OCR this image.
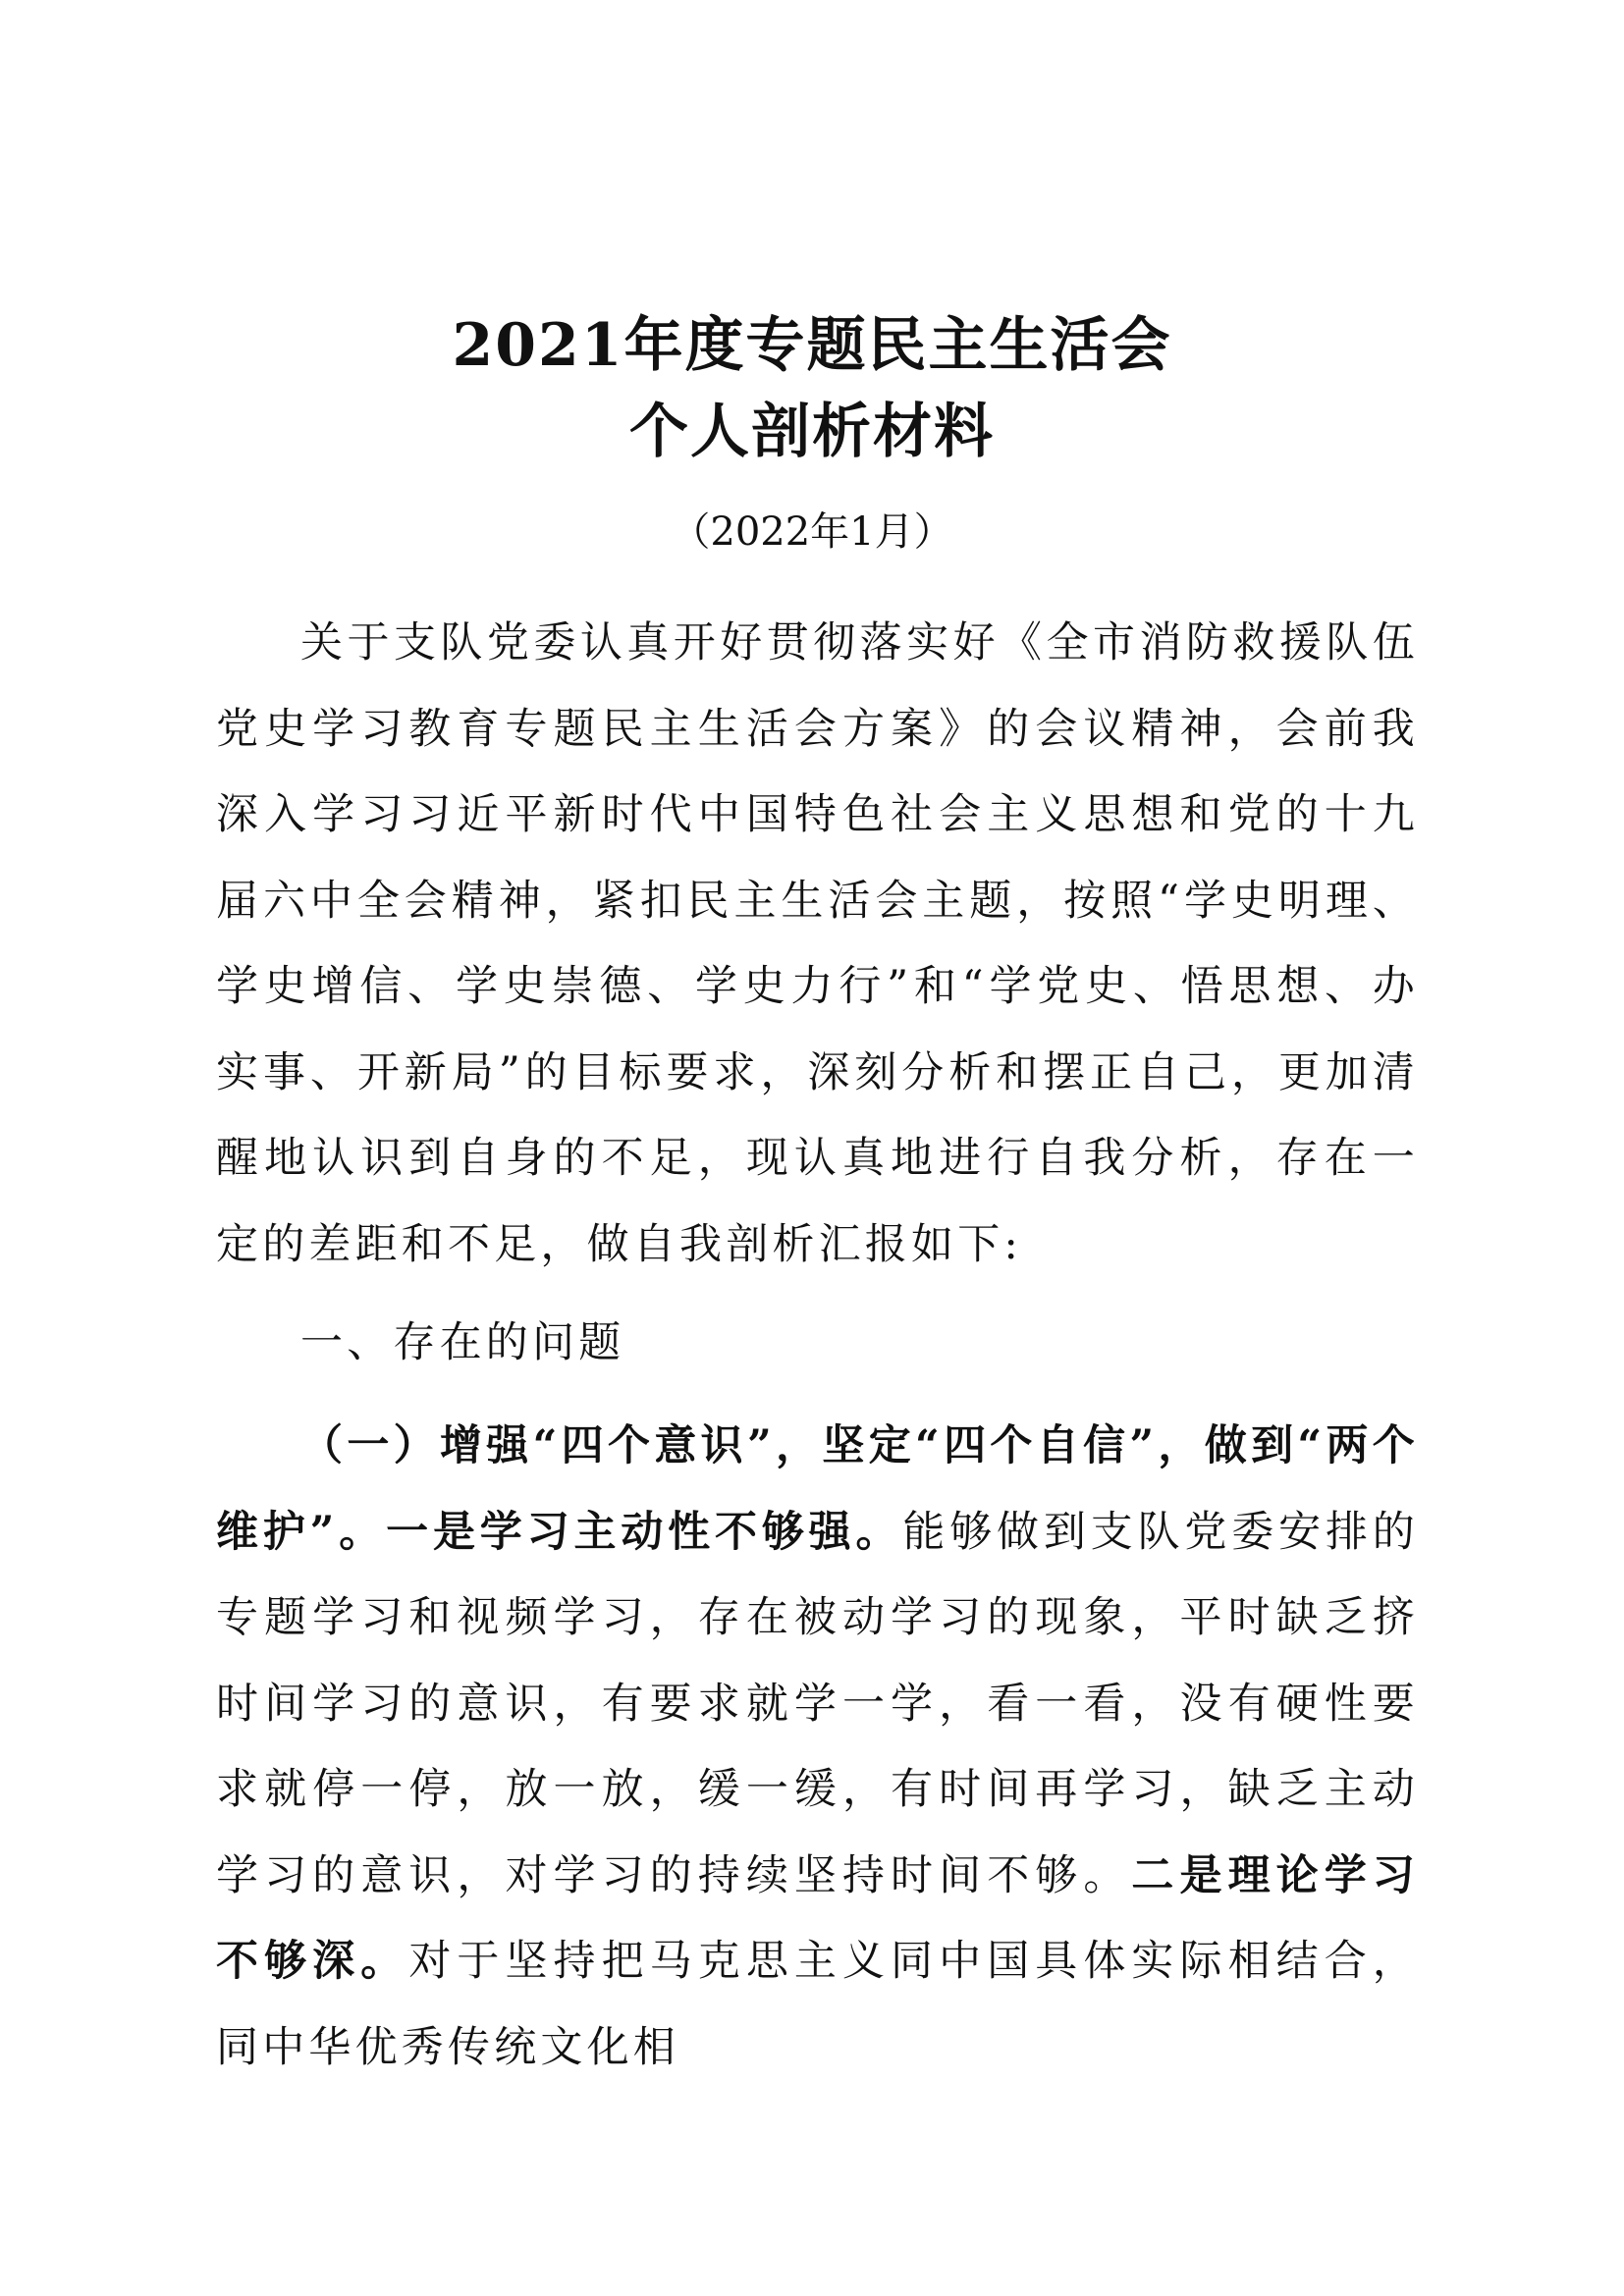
2021年度专题民主生活会
个人剖析材料

（2022年1月）

关于支队党委认真开好贯彻落实好《全市消防救援队伍党史学习教育专题民主生活会方案》的会议精神，会前我深入学习习近平新时代中国特色社会主义思想和党的十九届六中全会精神，紧扣民主生活会主题，按照“学史明理、学史增信、学史崇德、学史力行”和“学党史、悟思想、办实事、开新局”的目标要求，深刻分析和摆正自己，更加清醒地认识到自身的不足，现认真地进行自我分析，存在一定的差距和不足，做自我剖析汇报如下:

一、存在的问题

（一）增强“四个意识”，坚定“四个自信”，做到“两个维护”。一是学习主动性不够强。能够做到支队党委安排的专题学习和视频学习，存在被动学习的现象，平时缺乏挤时间学习的意识，有要求就学一学，看一看，没有硬性要求就停一停，放一放，缓一缓，有时间再学习，缺乏主动学习的意识，对学习的持续坚持时间不够。二是理论学习不够深。对于坚持把马克思主义同中国具体实际相结合，同中华优秀传统文化相
